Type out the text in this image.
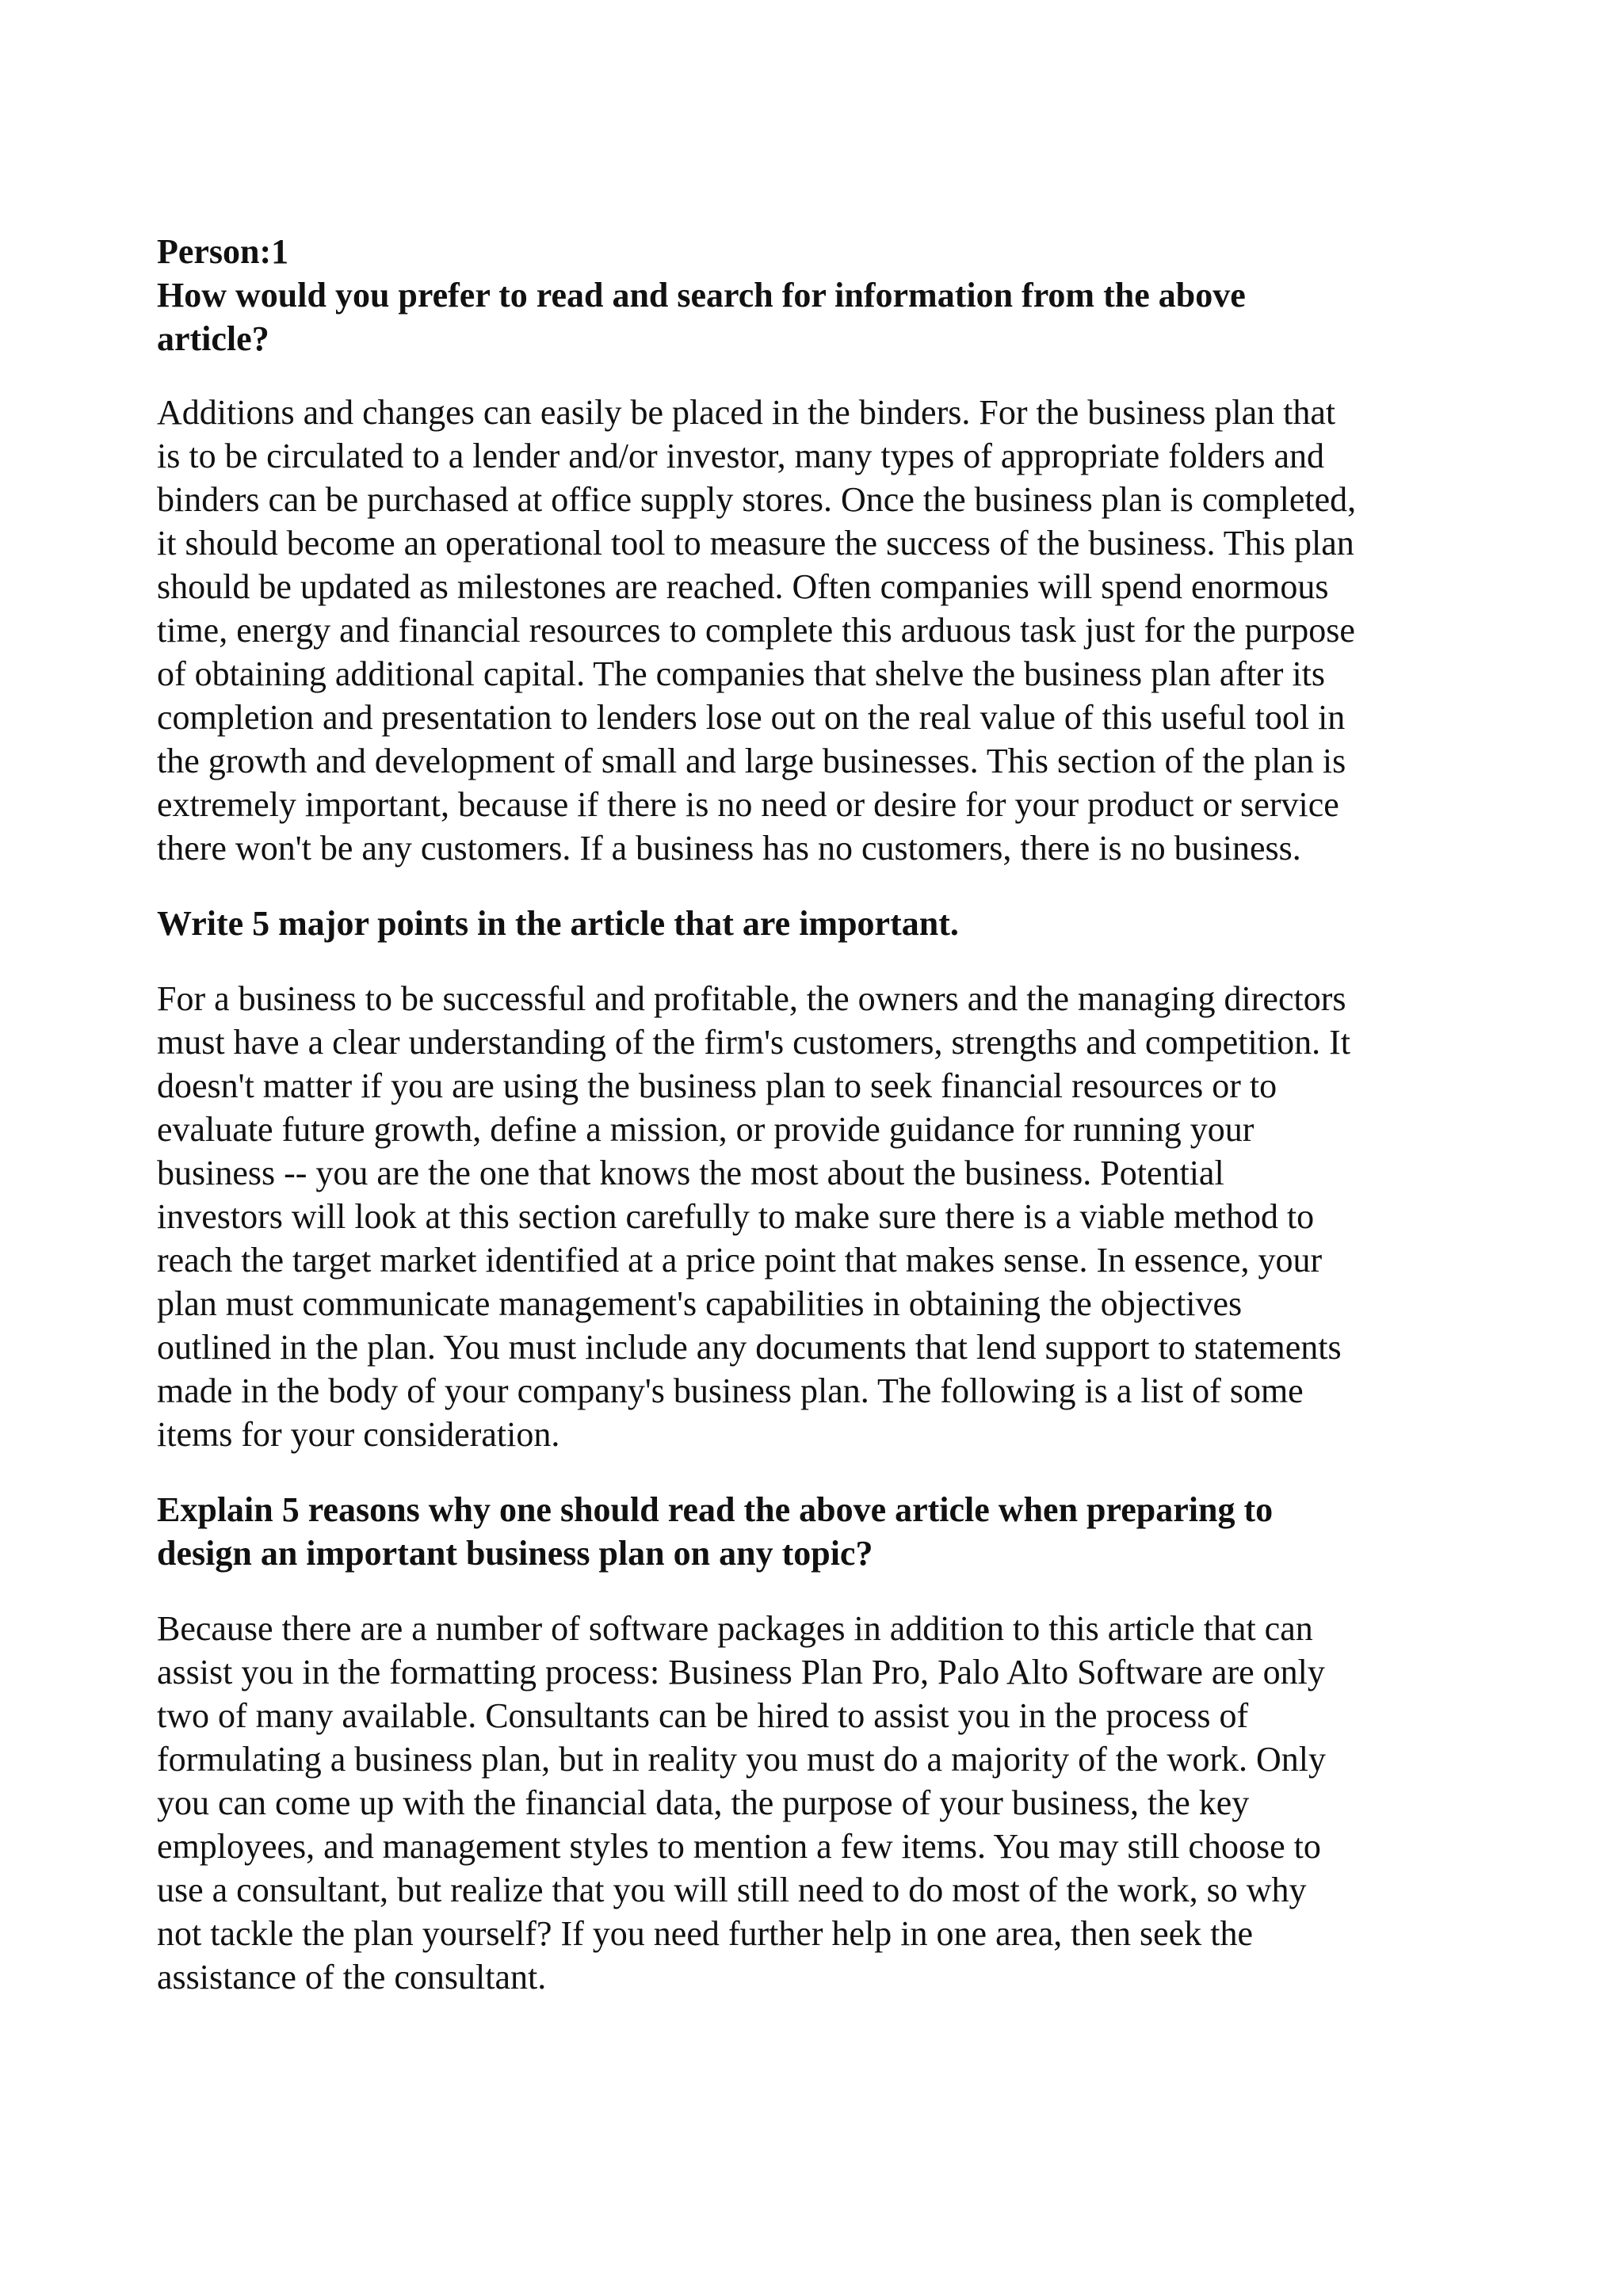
Person:1
How would you prefer to read and search for information from the above
article?
Additions and changes can easily be placed in the binders. For the business plan that
is to be circulated to a lender and/or investor, many types of appropriate folders and
binders can be purchased at office supply stores. Once the business plan is completed,
it should become an operational tool to measure the success of the business. This plan
should be updated as milestones are reached. Often companies will spend enormous
time, energy and financial resources to complete this arduous task just for the purpose
of obtaining additional capital. The companies that shelve the business plan after its
completion and presentation to lenders lose out on the real value of this useful tool in
the growth and development of small and large businesses. This section of the plan is
extremely important, because if there is no need or desire for your product or service
there won't be any customers. If a business has no customers, there is no business.
Write 5 major points in the article that are important.
For a business to be successful and profitable, the owners and the managing directors
must have a clear understanding of the firm's customers, strengths and competition. It
doesn't matter if you are using the business plan to seek financial resources or to
evaluate future growth, define a mission, or provide guidance for running your
business -- you are the one that knows the most about the business. Potential
investors will look at this section carefully to make sure there is a viable method to
reach the target market identified at a price point that makes sense. In essence, your
plan must communicate management's capabilities in obtaining the objectives
outlined in the plan. You must include any documents that lend support to statements
made in the body of your company's business plan. The following is a list of some
items for your consideration.
Explain 5 reasons why one should read the above article when preparing to
design an important business plan on any topic?
Because there are a number of software packages in addition to this article that can
assist you in the formatting process: Business Plan Pro, Palo Alto Software are only
two of many available. Consultants can be hired to assist you in the process of
formulating a business plan, but in reality you must do a majority of the work. Only
you can come up with the financial data, the purpose of your business, the key
employees, and management styles to mention a few items. You may still choose to
use a consultant, but realize that you will still need to do most of the work, so why
not tackle the plan yourself? If you need further help in one area, then seek the
assistance of the consultant.
